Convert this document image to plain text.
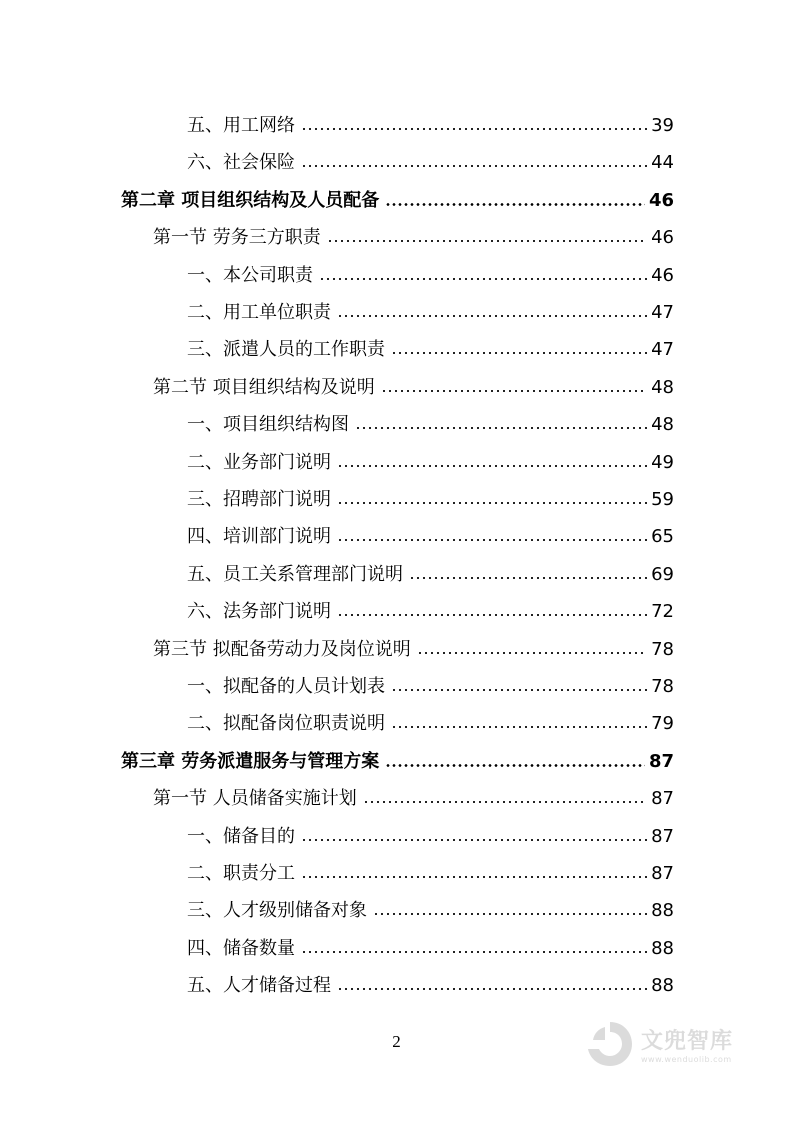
五、用工网络	39
六、社会保险	44
第二章 项目组织结构及人员配备	46
第一节 劳务三方职责	46
一、本公司职责	46
二、用工单位职责	47
三、派遣人员的工作职责	47
第二节 项目组织结构及说明	48
一、项目组织结构图	48
二、业务部门说明	49
三、招聘部门说明	59
四、培训部门说明	65
五、员工关系管理部门说明	69
六、法务部门说明	72
第三节 拟配备劳动力及岗位说明	78
一、拟配备的人员计划表	78
二、拟配备岗位职责说明	79
第三章 劳务派遣服务与管理方案	87
第一节 人员储备实施计划	87
一、储备目的	87
二、职责分工	87
三、人才级别储备对象	88
四、储备数量	88
五、人才储备过程	88
2	文兜智库
www.wenduolib.com
